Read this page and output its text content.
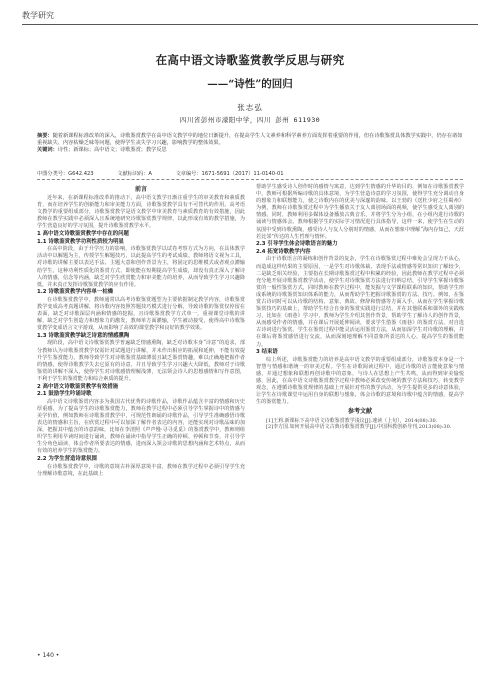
教学研究
在高中语文诗歌鉴赏教学反思与研究
——“诗性”的回归
张志弘
四川省彭州市濛阳中学，四川 彭州 611930
摘要：随着新课程标准改革的深入，诗歌鉴赏教学在高中语文教学中的地位日渐提升，在提高学生人文素养和科学素养方面发挥着重要的作用，但在诗歌鉴赏具体教学实践中，仍存在诸如重视缺失、内容枯燥乏味等问题，使得学生丧失学习兴趣，影响教学的整体效果。
关键词：诗性；新课标；高中语文；诗歌鉴赏；教学反思
中图分类号：G642.423	文献标识码：A	文章编号：1671-5691（2017）11-0140-01
前言

近年来，在新课程标准改革的推动下，高中语文教学日渐注重学生的审美教育和素质教育，而在培养学生的创新能力和审美能力方面，诗歌鉴赏教学具有不可替代的作用。高考语文教学的重要组成部分，诗歌鉴赏教学是语文教学中审美教育与素质教育的有效措施，因此教师在教学实践中必须深入且系统地研究诗歌鉴赏教学规律，以此形成有效的教学措施，为学生营造良好的学习氛围，提升诗歌鉴赏教学水平。

1 高中语文诗歌鉴赏教学中存在的问题
1.1 诗歌鉴赏教学功利性质较为明显

在高中阶段，由于升学压力的影响，诗歌鉴赏教学以试卷考察方式为方向，在具体教学活动中以解题为主，传授学生解题技巧，以此提高学生的考试成绩。教师将语文视为工具，对诗歌的讲解主要以表达手法、主题大意和创作背景为主，将固定的思维模式或者观点灌输给学生，这种功利性质化的鉴赏方式，即使能在短期提高学生成绩，却没有真正深入了解诗人的情感，信念等内涵，缺乏对学生欣赏能力和审美能力的培养，从而导致学生学习兴趣降低，并未真正发挥诗歌鉴赏教学的应有作用。

1.2 诗歌鉴赏教学内容单一枯燥

在诗歌鉴赏教学中，教师通常以高考诗歌鉴赏题型为主要依据制定教学内容，诗歌鉴赏教学变成高考真题讲解，将诗歌内容按照答题技巧模式进行分解，导致诗歌的鉴赏仅停留在表面，缺乏对诗歌深层内涵和情感的挖掘，且诗歌鉴赏教学方式单一，重视课堂诗歌的讲解，缺乏对学生创造力和想象力的激发，教师单方面灌输，学生被动接受，使得高中诗歌鉴赏教学变成语言文字游戏，从而影响了高效的课堂教学和良好的教学效果。

1.3 诗歌鉴赏教学缺乏诗意的情感熏陶

现阶段，高中语文诗歌鉴赏教学普遍缺乏情感熏陶，缺乏对诗歌本身“诗意”的追求，部分教师认为诗歌鉴赏教学仅需针对试题进行讲解，并未作出相应的拓展和延伸，不能有效提升学生鉴赏能力，教师导致学生对诗歌鉴赏基础薄弱且缺乏鉴赏情趣，难以正确地把握作者的情感，使得诗歌教学失去它原有的诗意，并且导致学生学习兴趣大大降低，教师对于诗歌鉴赏的讲解不深入，使得学生对诗歌感情理解浅薄，无法领会诗人的思想感情和写作意图，不利于学生的鉴赏能力和综合素质的提升。

2 高中语文诗歌鉴赏教学有效措施
2.1 鼓励学生吟诵诗歌

高中语文诗歌鉴赏内容多为我国古代优秀的诗歌作品，诗歌作品蕴含丰富的情感和历史厚重感，为了提高学生的诗歌鉴赏能力，教师在教学过程中必须引导学生掌握诗中的情感与美学价值，例如教师在诗歌鉴赏教学中，可规范性朗诵的诗歌作品，引导学生准确感悟诗歌表达的情感和主旨，在欣赏过程中可以加深了解作者表达的内容，还能实现对诗歌品味的加深，把握其中蕴含的诗意韵味，比如在李清照《声声慢·寻寻觅觅》的鉴赏教学中，教师则组织学生利用早读时间进行诵读，教师在诵读中指导学生正确的停顿、停顿和节奏，并引导学生分角色诵读，体会作者所要表达的情感，进而深入领会诗歌的思想内涵和艺术特点，从而有效的培养学生的鉴赏能力。

2.2 为学生营造诗意氛围

在诗歌鉴赏教学中，诗歌的意境古朴深厚意境丰富，教师在教学过程中必须引导学生充分理解诗歌意境，在此基础上

帮助学生感受诗人创作时的感情与寓意，达到学生情感的升华的目的，例如在诗歌鉴赏教学中，教师可根据所编诗歌的具体意境，为学生营造诗意的学习氛围，使得学生充分调动自身的想象力和联想能力，使之诗歌内在的优美与深邃的韵味。以王勃的《送杜少府之任蜀州》为例，教师在诗歌鉴赏过程中为学生播放关于友人离别场面的视频，使学生感受友人离别的情感。同时，教师利用多媒体设备播放古典音乐，并将学生分为小组，在小组内进行诗歌的诵读与情感体会。教师根据学生的实际学习情况进行具体指导，这样一来，使学生在生动的氛围中受到诗歌熏陶，感受诗人与友人分别时的情感，从而在想象中理解“海内存知己，天涯若比邻”传达的人生哲理与情怀。

2.3 引导学生体会诗歌语言的魅力
2.4 拓宽诗歌教学内容

由于诗歌语言的凝练和创作背景的复杂，学生在诗歌鉴赏过程中难免会呈现力不从心，而造成这样结果的主要原因，一是学生对诗歌体裁、表现手法或情感等常识知识了解较少，二是缺乏相关经验，主要指在长期诗歌鉴赏过程中积累的经验，因此教师在教学过程中必须充分地开展诗歌鉴赏教学活动，使学生对诗歌鉴赏方法进行归纳总结，引导学生掌握诗歌鉴赏的一般性鉴赏方式，同时教师在教学过程中，能发掘与文学课程联系的知识，帮助学生形成系统的诗歌鉴赏知识体系的能力，从而帮助学生把握诗歌鉴赏的方法、技巧。例如，在鉴赏古诗词时可以从诗歌的结构、意象、典故、修辞和情感等方面入手，从而在学生掌握诗歌鉴赏技巧的基础上，帮助学生结合自身的鉴赏实践进行总结，并在其他联系和课外的实践练习，比如在《雨巷》学习中，教师为学生介绍其创作背景，帮助学生了解诗人的创作背景，从而感受作者的情感，并在课后开展延伸阅读，要求学生借鉴《雨巷》的鉴赏方法，对自选古诗词进行鉴赏，学生在鉴赏过程中能灵活运用鉴赏方法，从而加深学生对诗歌的理解，并在课后将鉴赏感悟进行交流，从而深刻地理解不同意象所表达的人心，提高学生的鉴赏能力。

3 结束语

综上所述，诗歌鉴赏能力的培养是高中语文教学的重要组成部分，诗歌鉴赏本身是一个智慧与情感和谐统一的审美过程。学生在诗歌阅读过程中，通过诗歌的语言能使意象与情感，并通过想象和联想再创诗歌中的意象，与诗人在思想上产生共鸣，从而得到审美愉悦感，因此，在高中语文诗歌鉴赏教学过程中教师必须改变传统的教学方法和技巧，转变教学观念，在遵循诗歌鉴赏规律的基础上开展针对性的教学活动，为学生提供更多的诗意体验，让学生在诗歌课堂中运用自身的联想与想象，体会诗歌的意境和诗歌中蕴含的情感，提高学生的鉴赏能力。

参考文献

[1]王莉.新课标下高中语文诗歌鉴赏教学浅议[J].速读（上旬），2014(08):30.

[2]李方国.如何开展高中语文古典诗歌鉴赏教学[J].中国科教创新导刊,2013(08):30.

• 140 •
